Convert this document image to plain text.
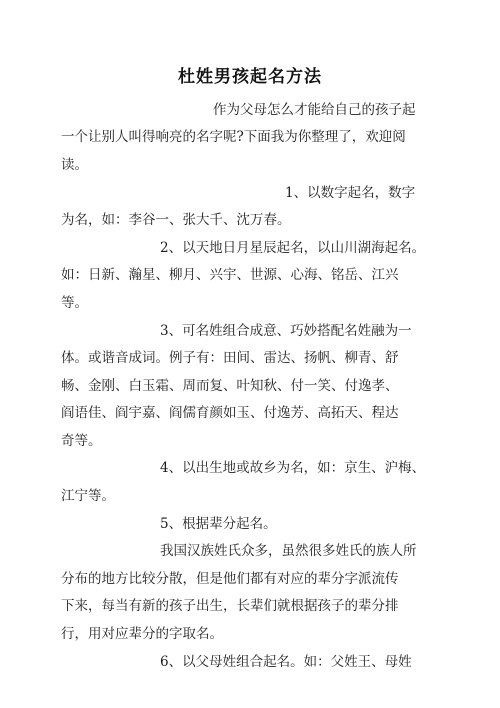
杜姓男孩起名方法
作为父母怎么才能给自己的孩子起
一个让别人叫得响亮的名字呢?下面我为你整理了，欢迎阅
读。
1、以数字起名，数字
为名，如：李谷一、张大千、沈万春。
2、以天地日月星辰起名，以山川湖海起名。
如：日新、瀚星、柳月、兴宇、世源、心海、铭岳、江兴
等。
3、可名姓组合成意、巧妙搭配名姓融为一
体。或谐音成词。例子有：田间、雷达、扬帆、柳青、舒
畅、金刚、白玉霜、周而复、叶知秋、付一笑、付逸孝、
阎语佳、阎宇嘉、阎儒育颜如玉、付逸芳、高拓天、程达
奇等。
4、以出生地或故乡为名，如：京生、沪梅、
江宁等。
5、根据辈分起名。
我国汉族姓氏众多，虽然很多姓氏的族人所
分布的地方比较分散，但是他们都有对应的辈分字派流传
下来，每当有新的孩子出生，长辈们就根据孩子的辈分排
行，用对应辈分的字取名。
6、以父母姓组合起名。如：父姓王、母姓
